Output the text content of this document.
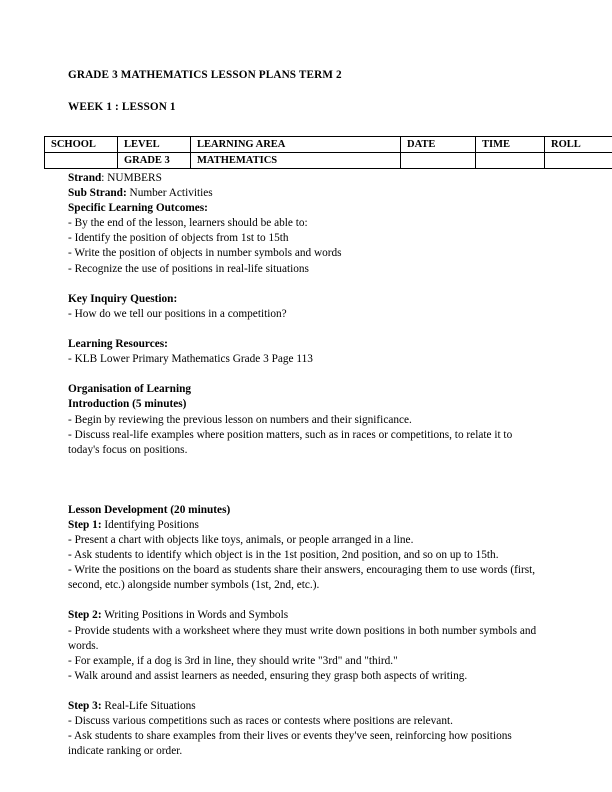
GRADE 3 MATHEMATICS LESSON PLANS TERM 2
WEEK 1 : LESSON 1
SCHOOL	LEVEL	LEARNING AREA	DATE	TIME	ROLL
	GRADE 3	MATHEMATICS			

Strand: NUMBERS

Sub Strand: Number Activities

Specific Learning Outcomes:

- By the end of the lesson, learners should be able to:

- Identify the position of objects from 1st to 15th

- Write the position of objects in number symbols and words

- Recognize the use of positions in real-life situations

Key Inquiry Question:

- How do we tell our positions in a competition?

Learning Resources:

- KLB Lower Primary Mathematics Grade 3 Page 113

Organisation of Learning

Introduction (5 minutes)

- Begin by reviewing the previous lesson on numbers and their significance.

- Discuss real-life examples where position matters, such as in races or competitions, to relate it to today's focus on positions.

Lesson Development (20 minutes)

Step 1: Identifying Positions

- Present a chart with objects like toys, animals, or people arranged in a line.

- Ask students to identify which object is in the 1st position, 2nd position, and so on up to 15th.

- Write the positions on the board as students share their answers, encouraging them to use words (first, second, etc.) alongside number symbols (1st, 2nd, etc.).

Step 2: Writing Positions in Words and Symbols

- Provide students with a worksheet where they must write down positions in both number symbols and words.

- For example, if a dog is 3rd in line, they should write "3rd" and "third."

- Walk around and assist learners as needed, ensuring they grasp both aspects of writing.

Step 3: Real-Life Situations

- Discuss various competitions such as races or contests where positions are relevant.

- Ask students to share examples from their lives or events they've seen, reinforcing how positions indicate ranking or order.
